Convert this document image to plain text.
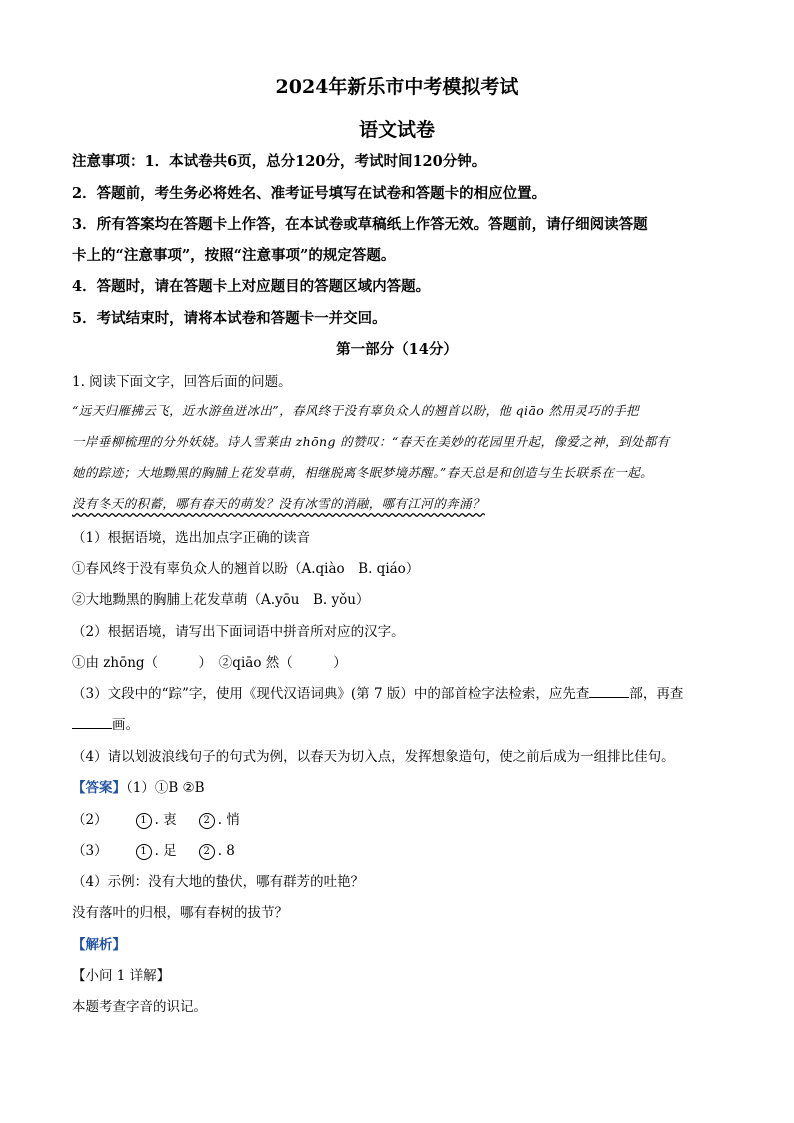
2024年新乐市中考模拟考试
语文试卷
注意事项：1．本试卷共6页，总分120分，考试时间120分钟。
2．答题前，考生务必将姓名、准考证号填写在试卷和答题卡的相应位置。
3．所有答案均在答题卡上作答，在本试卷或草稿纸上作答无效。答题前，请仔细阅读答题
卡上的“注意事项”，按照“注意事项”的规定答题。
4．答题时，请在答题卡上对应题目的答题区域内答题。
5．考试结束时，请将本试卷和答题卡一并交回。
第一部分（14分）
1. 阅读下面文字，回答后面的问题。
“远天归雁拂云飞，近水游鱼迸冰出”，春风终于没有辜负众人的翘首以盼，他 qiāo 然用灵巧的手把
一岸垂柳梳理的分外妖娆。诗人雪莱由 zhōng 的赞叹：“春天在美妙的花园里升起，像爱之神，到处都有
她的踪迹；大地黝黑的胸脯上花发草萌，相继脱离冬眠梦境苏醒。”春天总是和创造与生长联系在一起。
没有冬天的积蓄，哪有春天的萌发？没有冰雪的消融，哪有江河的奔涌？
（1）根据语境，选出加点字正确的读音
①春风终于没有辜负众人的翘首以盼（A.qiào　B. qiáo）
②大地黝黑的胸脯上花发草萌（A.yōu　B. yǒu）
（2）根据语境，请写出下面词语中拼音所对应的汉字。
①由 zhōng（　　　）　②qiāo 然（　　　）
（3）文段中的“踪”字，使用《现代汉语词典》(第 7 版）中的部首检字法检索，应先查	部，再查
画。
（4）请以划波浪线句子的句式为例，以春天为切入点，发挥想象造句，使之前后成为一组排比佳句。
【答案】（1）①B ②B
（2）	1 . 衷	2 . 悄
（3）	1 . 足	2 . 8
（4）示例：没有大地的蛰伏，哪有群芳的吐艳？
没有落叶的归根，哪有春树的拔节？
【解析】
【小问 1 详解】
本题考查字音的识记。
